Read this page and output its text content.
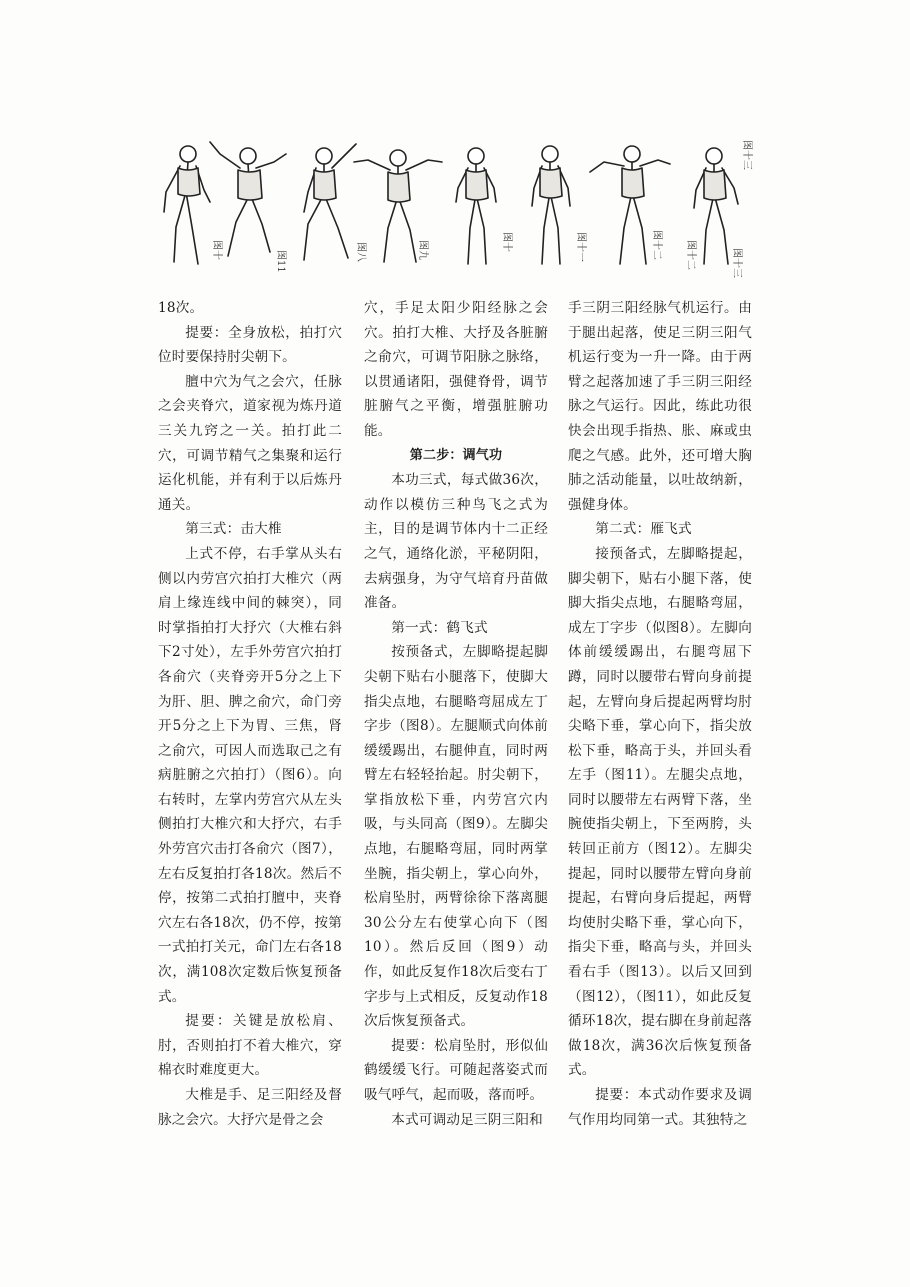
图十	图11	图八	图九	图十	图十一	图十二
图十三
图十二	图十三

18次。

提要：全身放松，拍打穴位时要保持肘尖朝下。

膻中穴为气之会穴，任脉之会夹脊穴，道家视为炼丹道三关九窍之一关。拍打此二穴，可调节精气之集聚和运行运化机能，并有利于以后炼丹通关。

第三式：击大椎

上式不停，右手掌从头右侧以内劳宫穴拍打大椎穴（两肩上缘连线中间的棘突），同时掌指拍打大抒穴（大椎右斜下2寸处），左手外劳宫穴拍打各俞穴（夹脊旁开5分之上下为肝、胆、脾之俞穴，命门旁开5分之上下为胃、三焦，肾之俞穴，可因人而选取己之有病脏腑之穴拍打）（图6）。向右转时，左掌内劳宫穴从左头侧拍打大椎穴和大抒穴，右手外劳宫穴击打各俞穴（图7），左右反复拍打各18次。然后不停，按第二式拍打膻中，夹脊穴左右各18次，仍不停，按第一式拍打关元，命门左右各18次，满108次定数后恢复预备式。

提要：关键是放松肩、肘，否则拍打不着大椎穴，穿棉衣时难度更大。

大椎是手、足三阳经及督脉之会穴。大抒穴是骨之会

穴，手足太阳少阳经脉之会穴。拍打大椎、大抒及各脏腑之俞穴，可调节阳脉之脉络，以贯通诸阳，强健脊骨，调节脏腑气之平衡，增强脏腑功能。

第二步：调气功

本功三式，每式做36次，动作以模仿三种鸟飞之式为主，目的是调节体内十二正经之气，通络化淤，平秘阴阳，去病强身，为守气培育丹苗做准备。

第一式：鹤飞式

按预备式，左脚略提起脚尖朝下贴右小腿落下，使脚大指尖点地，右腿略弯屈成左丁字步（图8）。左腿顺式向体前缓缓踢出，右腿伸直，同时两臂左右轻轻抬起。肘尖朝下，掌指放松下垂，内劳宫穴内吸，与头同高（图9）。左脚尖点地，右腿略弯屈，同时两掌坐腕，指尖朝上，掌心向外，松肩坠肘，两臂徐徐下落离腿30公分左右使掌心向下（图10）。然后反回（图9）动作，如此反复作18次后变右丁字步与上式相反，反复动作18次后恢复预备式。

提要：松肩坠肘，形似仙鹤缓缓飞行。可随起落姿式而吸气呼气，起而吸，落而呼。

本式可调动足三阴三阳和

手三阴三阳经脉气机运行。由于腿出起落，使足三阴三阳气机运行变为一升一降。由于两臂之起落加速了手三阴三阳经脉之气运行。因此，练此功很快会出现手指热、胀、麻或虫爬之气感。此外，还可增大胸肺之活动能量，以吐故纳新，强健身体。

第二式：雁飞式

接预备式，左脚略提起，脚尖朝下，贴右小腿下落，使脚大指尖点地，右腿略弯屈，成左丁字步（似图8）。左脚向体前缓缓踢出，右腿弯屈下蹲，同时以腰带右臂向身前提起，左臂向身后提起两臂均肘尖略下垂，掌心向下，指尖放松下垂，略高于头，并回头看左手（图11）。左腿尖点地，同时以腰带左右两臂下落，坐腕使指尖朝上，下至两胯，头转回正前方（图12）。左脚尖提起，同时以腰带左臂向身前提起，右臂向身后提起，两臂均使肘尖略下垂，掌心向下，指尖下垂，略高与头，并回头看右手（图13）。以后又回到（图12），（图11），如此反复循环18次，提右脚在身前起落做18次，满36次后恢复预备式。

提要：本式动作要求及调气作用均同第一式。其独特之
